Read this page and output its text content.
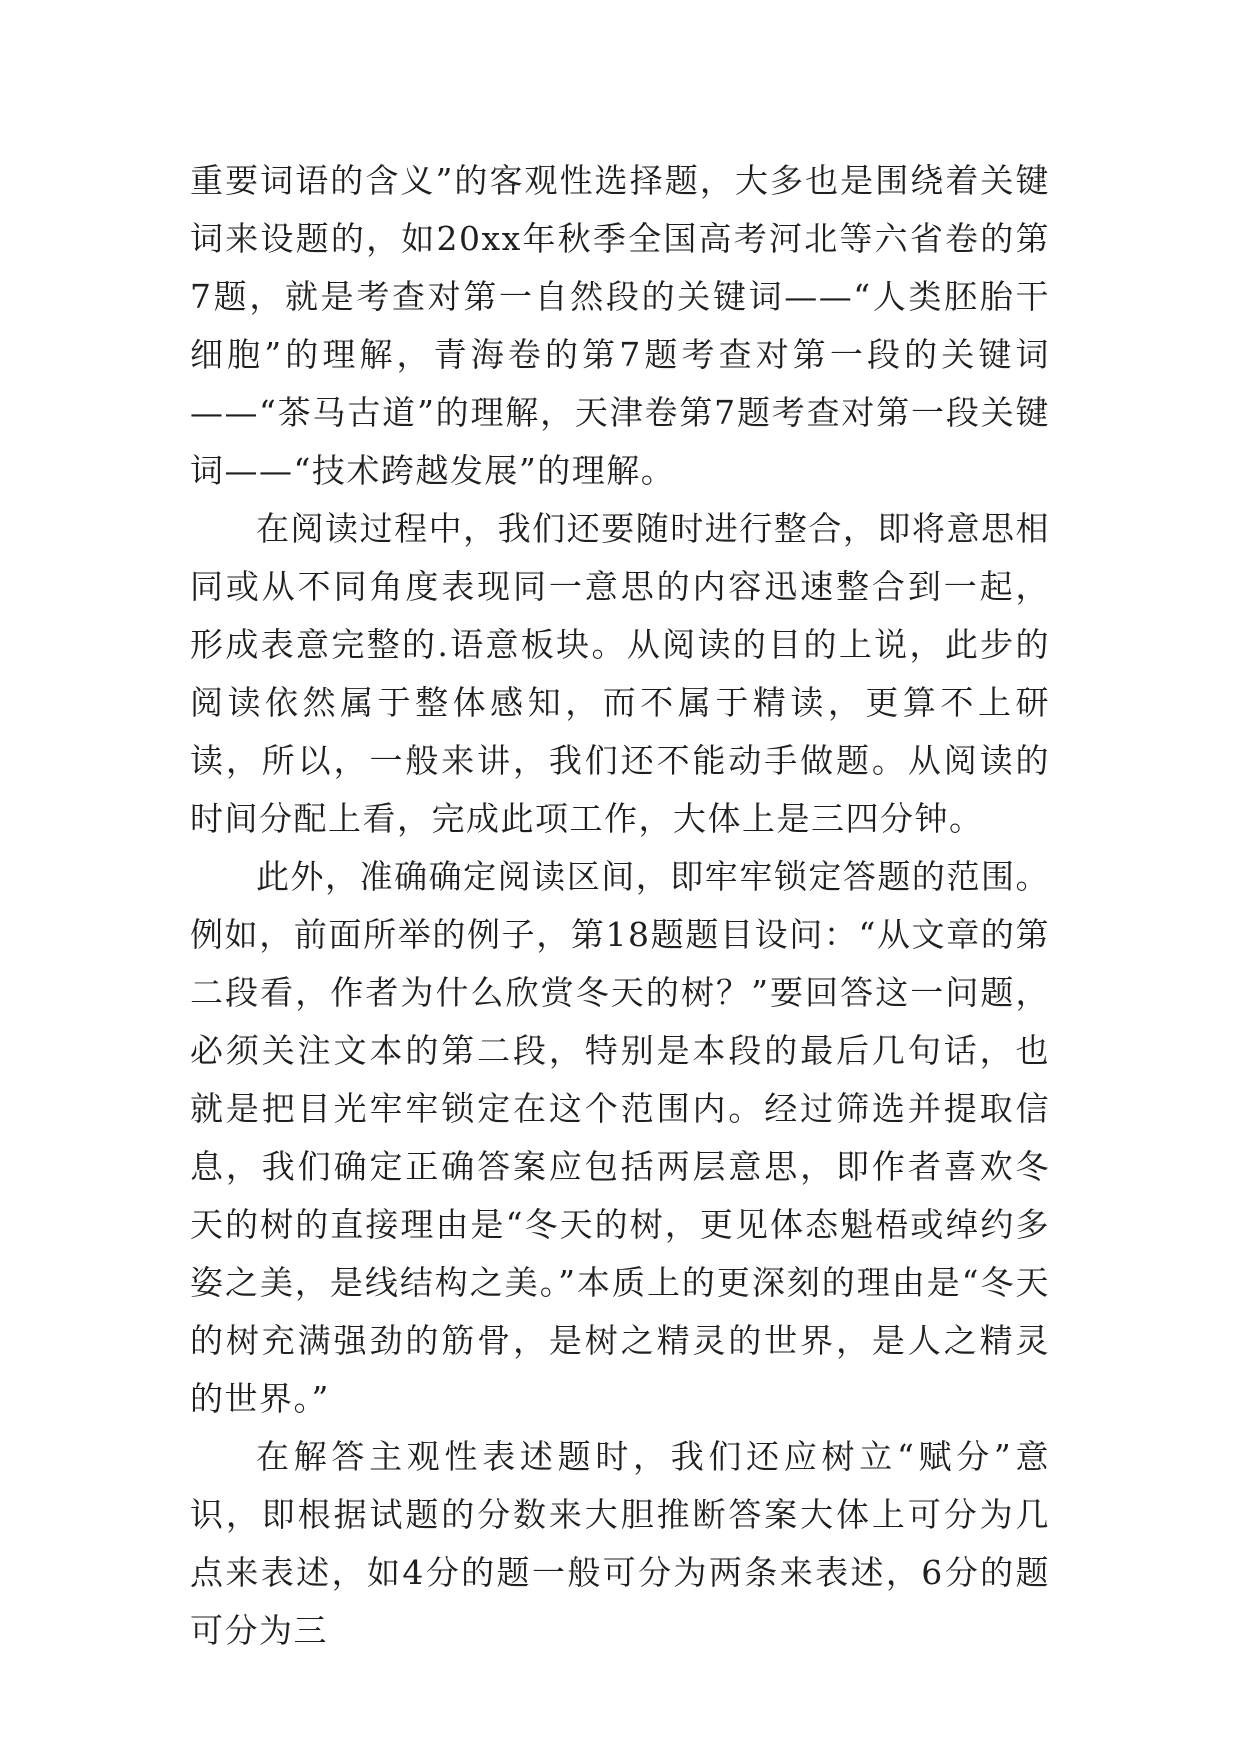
重要词语的含义”的客观性选择题，大多也是围绕着关键词来设题的，如20xx年秋季全国高考河北等六省卷的第7题，就是考查对第一自然段的关键词——“人类胚胎干细胞”的理解，青海卷的第7题考查对第一段的关键词——“茶马古道”的理解，天津卷第7题考查对第一段关键词——“技术跨越发展”的理解。

在阅读过程中，我们还要随时进行整合，即将意思相同或从不同角度表现同一意思的内容迅速整合到一起，形成表意完整的.语意板块。从阅读的目的上说，此步的阅读依然属于整体感知，而不属于精读，更算不上研读，所以，一般来讲，我们还不能动手做题。从阅读的时间分配上看，完成此项工作，大体上是三四分钟。

此外，准确确定阅读区间，即牢牢锁定答题的范围。例如，前面所举的例子，第18题题目设问：“从文章的第二段看，作者为什么欣赏冬天的树？”要回答这一问题，必须关注文本的第二段，特别是本段的最后几句话，也就是把目光牢牢锁定在这个范围内。经过筛选并提取信息，我们确定正确答案应包括两层意思，即作者喜欢冬天的树的直接理由是“冬天的树，更见体态魁梧或绰约多姿之美，是线结构之美。”本质上的更深刻的理由是“冬天的树充满强劲的筋骨，是树之精灵的世界，是人之精灵的世界。”

在解答主观性表述题时，我们还应树立“赋分”意识，即根据试题的分数来大胆推断答案大体上可分为几点来表述，如4分的题一般可分为两条来表述，6分的题可分为三
